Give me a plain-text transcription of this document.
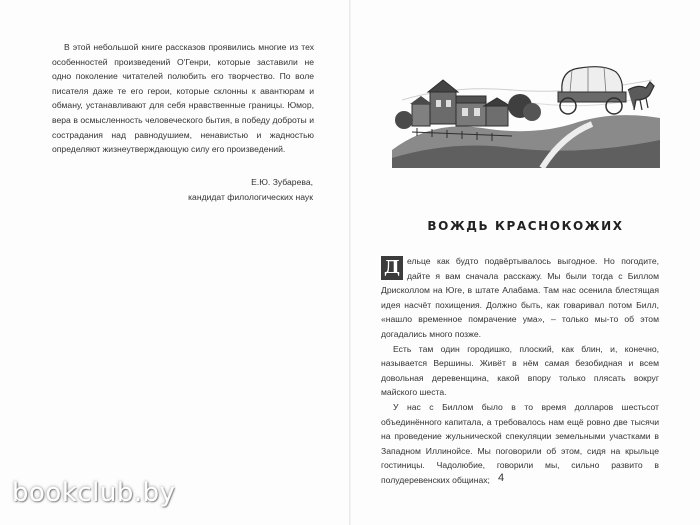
В этой небольшой книге рассказов проявились многие из тех особенностей произведений О'Генри, которые заставили не одно поколение читателей полюбить его творчество. По воле писателя даже те его герои, которые склонны к авантюрам и обману, устанавливают для себя нравственные границы. Юмор, вера в осмысленность человеческого бытия, в победу доброты и сострадания над равнодушием, ненавистью и жадностью определяют жизнеутверждающую силу его произведений.

Е.Ю. Зубарева,
кандидат филологических наук
ВОЖДЬ КРАСНОКОЖИХ

Д ельце как будто подвёртывалось выгодное. Но погодите, дайте я вам сначала расскажу. Мы были тогда с Биллом Дрисколлом на Юге, в штате Алабама. Там нас осенила блестящая идея насчёт похищения. Должно быть, как говаривал потом Билл, «нашло временное помрачение ума», – только мы-то об этом догадались много позже.

Есть там один городишко, плоский, как блин, и, конечно, называется Вершины. Живёт в нём самая безобидная и всем довольная деревенщина, какой впору только плясать вокруг майского шеста.

У нас с Биллом было в то время долларов шестьсот объединённого капитала, а требовалось нам ещё ровно две тысячи на проведение жульнической спекуляции земельными участками в Западном Иллинойсе. Мы поговорили об этом, сидя на крыльце гостиницы. Чадолюбие, говорили мы, сильно развито в полудеревенских общинах; 4
bookclub.by
